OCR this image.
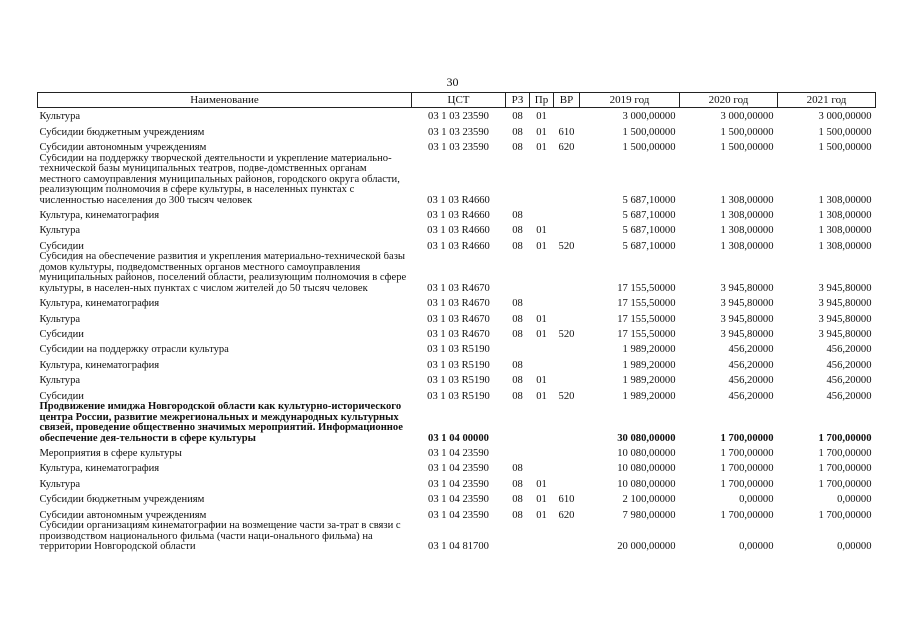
30
Наименование	ЦСТ	РЗ	Пр	ВР	2019 год	2020 год	2021 год
Культура	03 1 03 23590	08	01		3 000,00000	3 000,00000	3 000,00000
Субсидии бюджетным учреждениям	03 1 03 23590	08	01	610	1 500,00000	1 500,00000	1 500,00000
Субсидии автономным учреждениям	03 1 03 23590	08	01	620	1 500,00000	1 500,00000	1 500,00000
Субсидии на поддержку творческой деятельности и укрепление материально-технической базы муниципальных театров, подве-домственных органам местного самоуправления муниципальных районов, городского округа области, реализующим полномочия в сфере культуры, в населенных пунктах с численностью населения до 300 тысяч человек	03 1 03 R4660				5 687,10000	1 308,00000	1 308,00000
Культура, кинематография	03 1 03 R4660	08			5 687,10000	1 308,00000	1 308,00000
Культура	03 1 03 R4660	08	01		5 687,10000	1 308,00000	1 308,00000
Субсидии	03 1 03 R4660	08	01	520	5 687,10000	1 308,00000	1 308,00000
Субсидия на обеспечение развития и укрепления материально-технической базы домов культуры, подведомственных органов местного самоуправления муниципальных районов, поселений области, реализующим полномочия в сфере культуры, в населен-ных пунктах с числом жителей до 50 тысяч человек	03 1 03 R4670				17 155,50000	3 945,80000	3 945,80000
Культура, кинематография	03 1 03 R4670	08			17 155,50000	3 945,80000	3 945,80000
Культура	03 1 03 R4670	08	01		17 155,50000	3 945,80000	3 945,80000
Субсидии	03 1 03 R4670	08	01	520	17 155,50000	3 945,80000	3 945,80000
Субсидии на поддержку отрасли культура	03 1 03 R5190				1 989,20000	456,20000	456,20000
Культура, кинематография	03 1 03 R5190	08			1 989,20000	456,20000	456,20000
Культура	03 1 03 R5190	08	01		1 989,20000	456,20000	456,20000
Субсидии	03 1 03 R5190	08	01	520	1 989,20000	456,20000	456,20000
Продвижение имиджа Новгородской области как культурно-исторического центра России, развитие межрегиональных и международных культурных связей, проведение общественно значимых мероприятий. Информационное обеспечение дея-тельности в сфере культуры	03 1 04 00000				30 080,00000	1 700,00000	1 700,00000
Мероприятия в сфере культуры	03 1 04 23590				10 080,00000	1 700,00000	1 700,00000
Культура, кинематография	03 1 04 23590	08			10 080,00000	1 700,00000	1 700,00000
Культура	03 1 04 23590	08	01		10 080,00000	1 700,00000	1 700,00000
Субсидии бюджетным учреждениям	03 1 04 23590	08	01	610	2 100,00000	0,00000	0,00000
Субсидии автономным учреждениям	03 1 04 23590	08	01	620	7 980,00000	1 700,00000	1 700,00000
Субсидии организациям кинематографии на возмещение части за-трат в связи с производством национального фильма (части наци-онального фильма) на территории Новгородской области	03 1 04 81700				20 000,00000	0,00000	0,00000
